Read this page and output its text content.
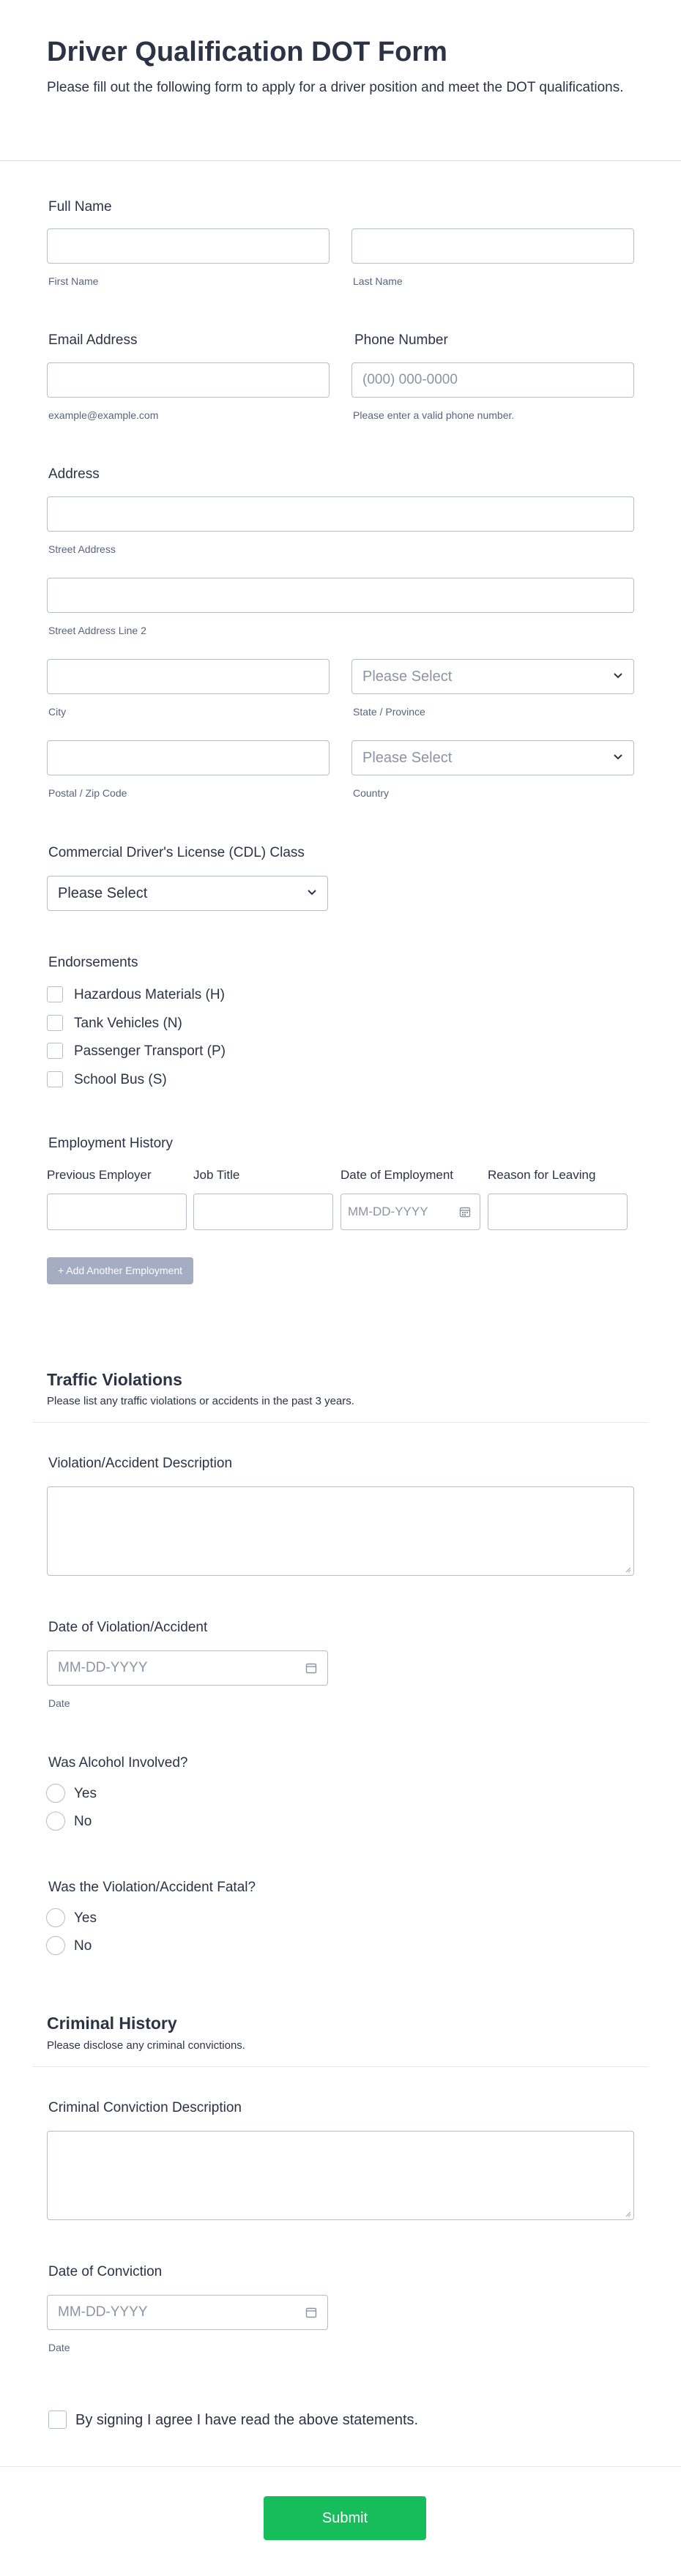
Driver Qualification DOT Form
Please fill out the following form to apply for a driver position and meet the DOT qualifications.
Full Name
First Name	Last Name
Email Address
example@example.com
Phone Number
(000) 000-0000
Please enter a valid phone number.
Address
Street Address
Street Address Line 2
City
Please Select
State / Province
Postal / Zip Code
Please Select
Country
Commercial Driver's License (CDL) Class
Please Select
Endorsements
Hazardous Materials (H)
Tank Vehicles (N)
Passenger Transport (P)
School Bus (S)
Employment History
Previous Employer	Job Title	Date of Employment	Reason for Leaving
MM-DD-YYYY
+ Add Another Employment
Traffic Violations
Please list any traffic violations or accidents in the past 3 years.
Violation/Accident Description
Date of Violation/Accident
MM-DD-YYYY
Date
Was Alcohol Involved?
Yes
No
Was the Violation/Accident Fatal?
Yes
No
Criminal History
Please disclose any criminal convictions.
Criminal Conviction Description
Date of Conviction
MM-DD-YYYY
Date
By signing I agree I have read the above statements.
Submit
